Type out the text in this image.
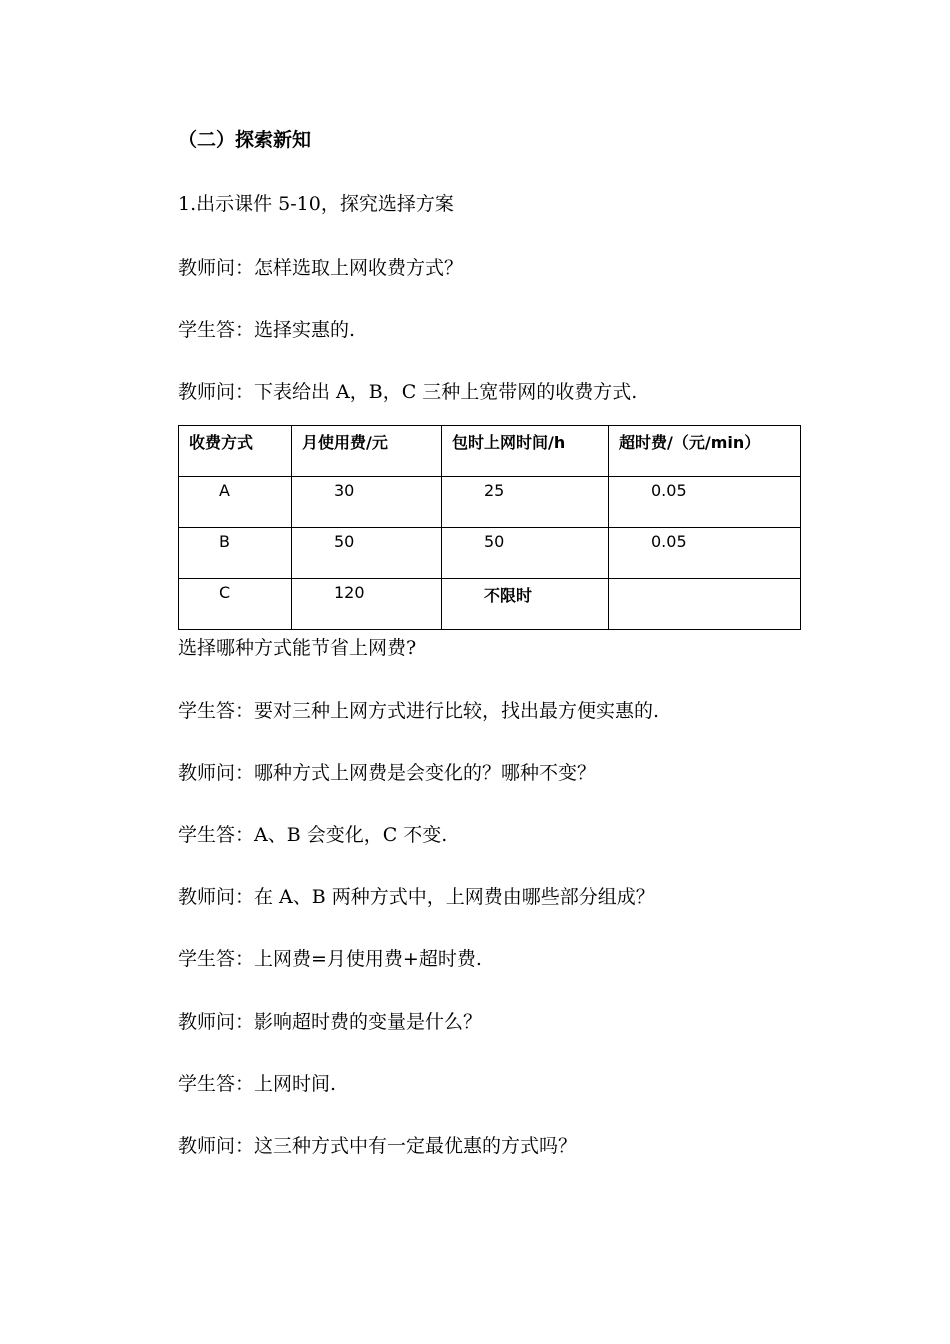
（二）探索新知
1.出示课件 5-10，探究选择方案
教师问：怎样选取上网收费方式？
学生答：选择实惠的.
教师问：下表给出 A，B，C 三种上宽带网的收费方式.
收费方式	月使用费/元	包时上网时间/h	超时费/（元/min）
A	30	25	0.05
B	50	50	0.05
C	120	不限时	
选择哪种方式能节省上网费?
学生答：要对三种上网方式进行比较，找出最方便实惠的.
教师问：哪种方式上网费是会变化的？哪种不变？
学生答：A、B 会变化，C 不变.
教师问：在 A、B 两种方式中，上网费由哪些部分组成？
学生答：上网费=月使用费+超时费.
教师问：影响超时费的变量是什么？
学生答：上网时间.
教师问：这三种方式中有一定最优惠的方式吗？
